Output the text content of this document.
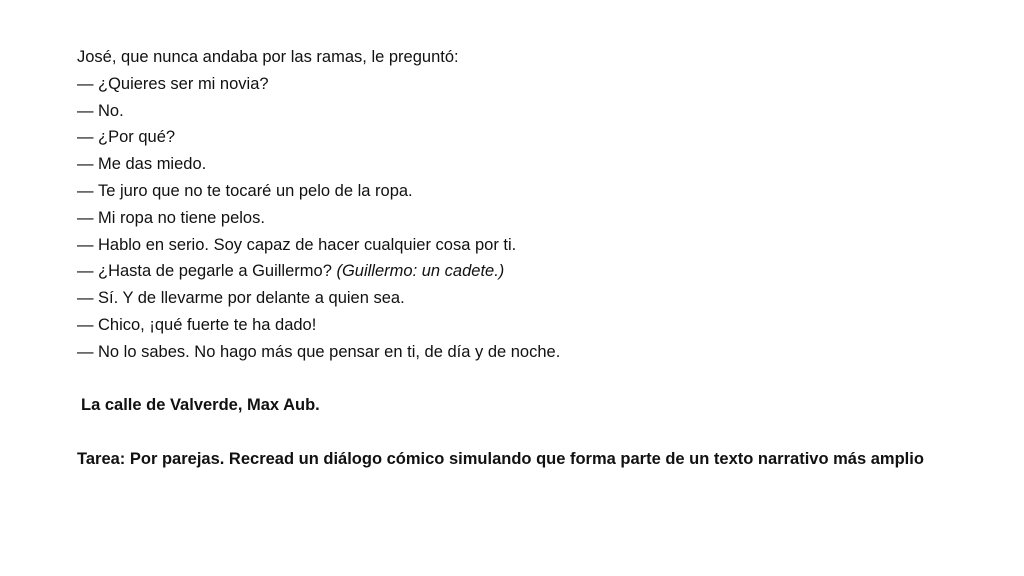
José, que nunca andaba por las ramas, le preguntó:
— ¿Quieres ser mi novia?
— No.
— ¿Por qué?
— Me das miedo.
— Te juro que no te tocaré un pelo de la ropa.
— Mi ropa no tiene pelos.
— Hablo en serio. Soy capaz de hacer cualquier cosa por ti.
— ¿Hasta de pegarle a Guillermo? (Guillermo: un cadete.)
— Sí. Y de llevarme por delante a quien sea.
— Chico, ¡qué fuerte te ha dado!
— No lo sabes. No hago más que pensar en ti, de día y de noche.
La calle de Valverde, Max Aub.
Tarea: Por parejas. Recread un diálogo cómico simulando que forma parte de un texto narrativo más amplio
